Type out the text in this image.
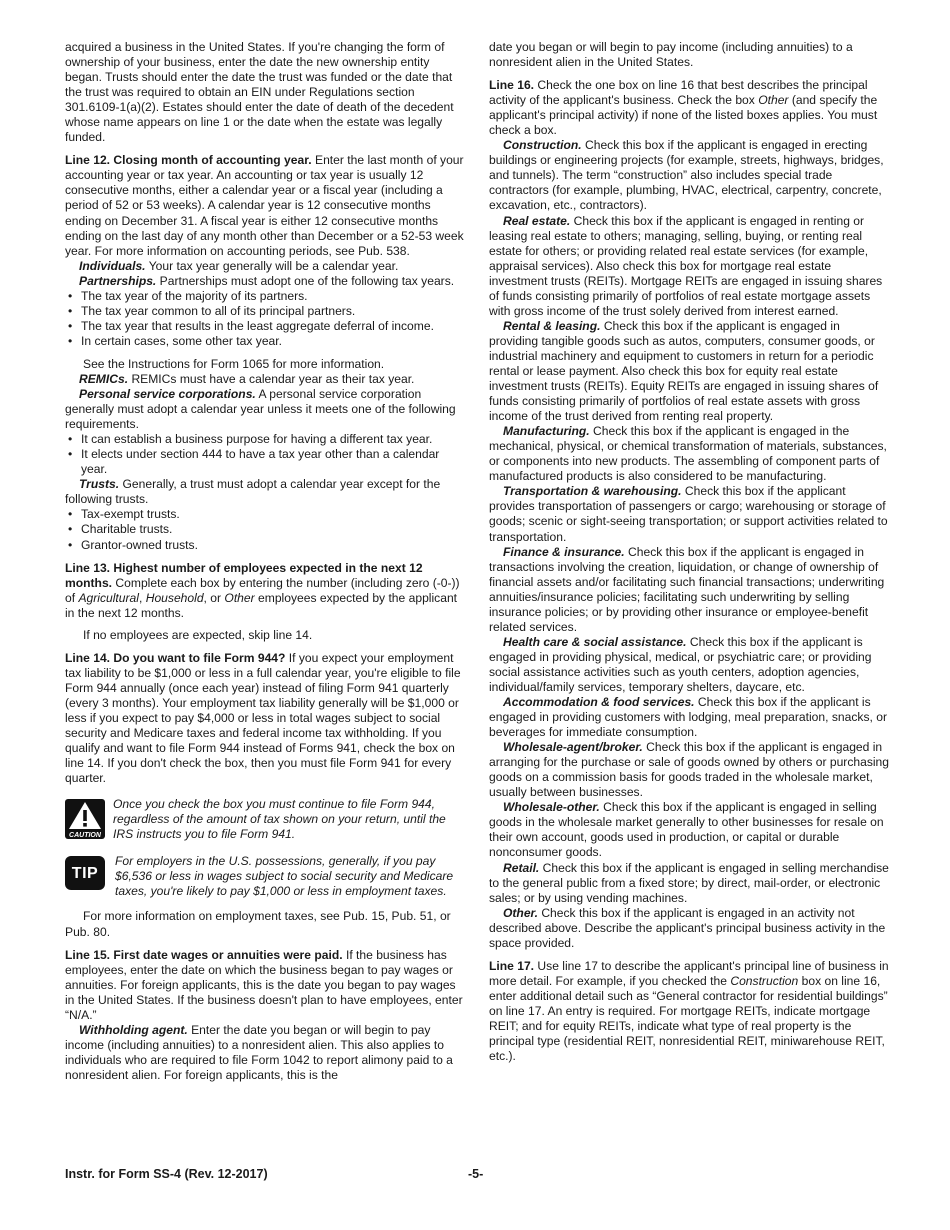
acquired a business in the United States. If you're changing the form of ownership of your business, enter the date the new ownership entity began. Trusts should enter the date the trust was funded or the date that the trust was required to obtain an EIN under Regulations section 301.6109-1(a)(2). Estates should enter the date of death of the decedent whose name appears on line 1 or the date when the estate was legally funded.

Line 12. Closing month of accounting year. Enter the last month of your accounting year or tax year. An accounting or tax year is usually 12 consecutive months, either a calendar year or a fiscal year (including a period of 52 or 53 weeks). A calendar year is 12 consecutive months ending on December 31. A fiscal year is either 12 consecutive months ending on the last day of any month other than December or a 52-53 week year. For more information on accounting periods, see Pub. 538.

Individuals. Your tax year generally will be a calendar year.

Partnerships. Partnerships must adopt one of the following tax years.

• The tax year of the majority of its partners.
• The tax year common to all of its principal partners.
• The tax year that results in the least aggregate deferral of income.
• In certain cases, some other tax year.

See the Instructions for Form 1065 for more information.

REMICs. REMICs must have a calendar year as their tax year.

Personal service corporations. A personal service corporation generally must adopt a calendar year unless it meets one of the following requirements.

• It can establish a business purpose for having a different tax year.
• It elects under section 444 to have a tax year other than a calendar year.

Trusts. Generally, a trust must adopt a calendar year except for the following trusts.

• Tax-exempt trusts.
• Charitable trusts.
• Grantor-owned trusts.

Line 13. Highest number of employees expected in the next 12 months. Complete each box by entering the number (including zero (-0-)) of Agricultural, Household, or Other employees expected by the applicant in the next 12 months.

If no employees are expected, skip line 14.

Line 14. Do you want to file Form 944? If you expect your employment tax liability to be $1,000 or less in a full calendar year, you're eligible to file Form 944 annually (once each year) instead of filing Form 941 quarterly (every 3 months). Your employment tax liability generally will be $1,000 or less if you expect to pay $4,000 or less in total wages subject to social security and Medicare taxes and federal income tax withholding. If you qualify and want to file Form 944 instead of Forms 941, check the box on line 14. If you don't check the box, then you must file Form 941 for every quarter.

CAUTION
Once you check the box you must continue to file Form 944, regardless of the amount of tax shown on your return, until the IRS instructs you to file Form 941.
TIP
For employers in the U.S. possessions, generally, if you pay $6,536 or less in wages subject to social security and Medicare taxes, you're likely to pay $1,000 or less in employment taxes.

For more information on employment taxes, see Pub. 15, Pub. 51, or Pub. 80.

Line 15. First date wages or annuities were paid. If the business has employees, enter the date on which the business began to pay wages or annuities. For foreign applicants, this is the date you began to pay wages in the United States. If the business doesn't plan to have employees, enter “N/A.”

Withholding agent. Enter the date you began or will begin to pay income (including annuities) to a nonresident alien. This also applies to individuals who are required to file Form 1042 to report alimony paid to a nonresident alien. For foreign applicants, this is the

date you began or will begin to pay income (including annuities) to a nonresident alien in the United States.

Line 16. Check the one box on line 16 that best describes the principal activity of the applicant's business. Check the box Other (and specify the applicant's principal activity) if none of the listed boxes applies. You must check a box.

Construction. Check this box if the applicant is engaged in erecting buildings or engineering projects (for example, streets, highways, bridges, and tunnels). The term “construction” also includes special trade contractors (for example, plumbing, HVAC, electrical, carpentry, concrete, excavation, etc., contractors).

Real estate. Check this box if the applicant is engaged in renting or leasing real estate to others; managing, selling, buying, or renting real estate for others; or providing related real estate services (for example, appraisal services). Also check this box for mortgage real estate investment trusts (REITs). Mortgage REITs are engaged in issuing shares of funds consisting primarily of portfolios of real estate mortgage assets with gross income of the trust solely derived from interest earned.

Rental & leasing. Check this box if the applicant is engaged in providing tangible goods such as autos, computers, consumer goods, or industrial machinery and equipment to customers in return for a periodic rental or lease payment. Also check this box for equity real estate investment trusts (REITs). Equity REITs are engaged in issuing shares of funds consisting primarily of portfolios of real estate assets with gross income of the trust derived from renting real property.

Manufacturing. Check this box if the applicant is engaged in the mechanical, physical, or chemical transformation of materials, substances, or components into new products. The assembling of component parts of manufactured products is also considered to be manufacturing.

Transportation & warehousing. Check this box if the applicant provides transportation of passengers or cargo; warehousing or storage of goods; scenic or sight-seeing transportation; or support activities related to transportation.

Finance & insurance. Check this box if the applicant is engaged in transactions involving the creation, liquidation, or change of ownership of financial assets and/or facilitating such financial transactions; underwriting annuities/insurance policies; facilitating such underwriting by selling insurance policies; or by providing other insurance or employee-benefit related services.

Health care & social assistance. Check this box if the applicant is engaged in providing physical, medical, or psychiatric care; or providing social assistance activities such as youth centers, adoption agencies, individual/family services, temporary shelters, daycare, etc.

Accommodation & food services. Check this box if the applicant is engaged in providing customers with lodging, meal preparation, snacks, or beverages for immediate consumption.

Wholesale-agent/broker. Check this box if the applicant is engaged in arranging for the purchase or sale of goods owned by others or purchasing goods on a commission basis for goods traded in the wholesale market, usually between businesses.

Wholesale-other. Check this box if the applicant is engaged in selling goods in the wholesale market generally to other businesses for resale on their own account, goods used in production, or capital or durable nonconsumer goods.

Retail. Check this box if the applicant is engaged in selling merchandise to the general public from a fixed store; by direct, mail-order, or electronic sales; or by using vending machines.

Other. Check this box if the applicant is engaged in an activity not described above. Describe the applicant's principal business activity in the space provided.

Line 17. Use line 17 to describe the applicant's principal line of business in more detail. For example, if you checked the Construction box on line 16, enter additional detail such as “General contractor for residential buildings” on line 17. An entry is required. For mortgage REITs, indicate mortgage REIT; and for equity REITs, indicate what type of real property is the principal type (residential REIT, nonresidential REIT, miniwarehouse REIT, etc.).

Instr. for Form SS-4 (Rev. 12-2017)	-5-
